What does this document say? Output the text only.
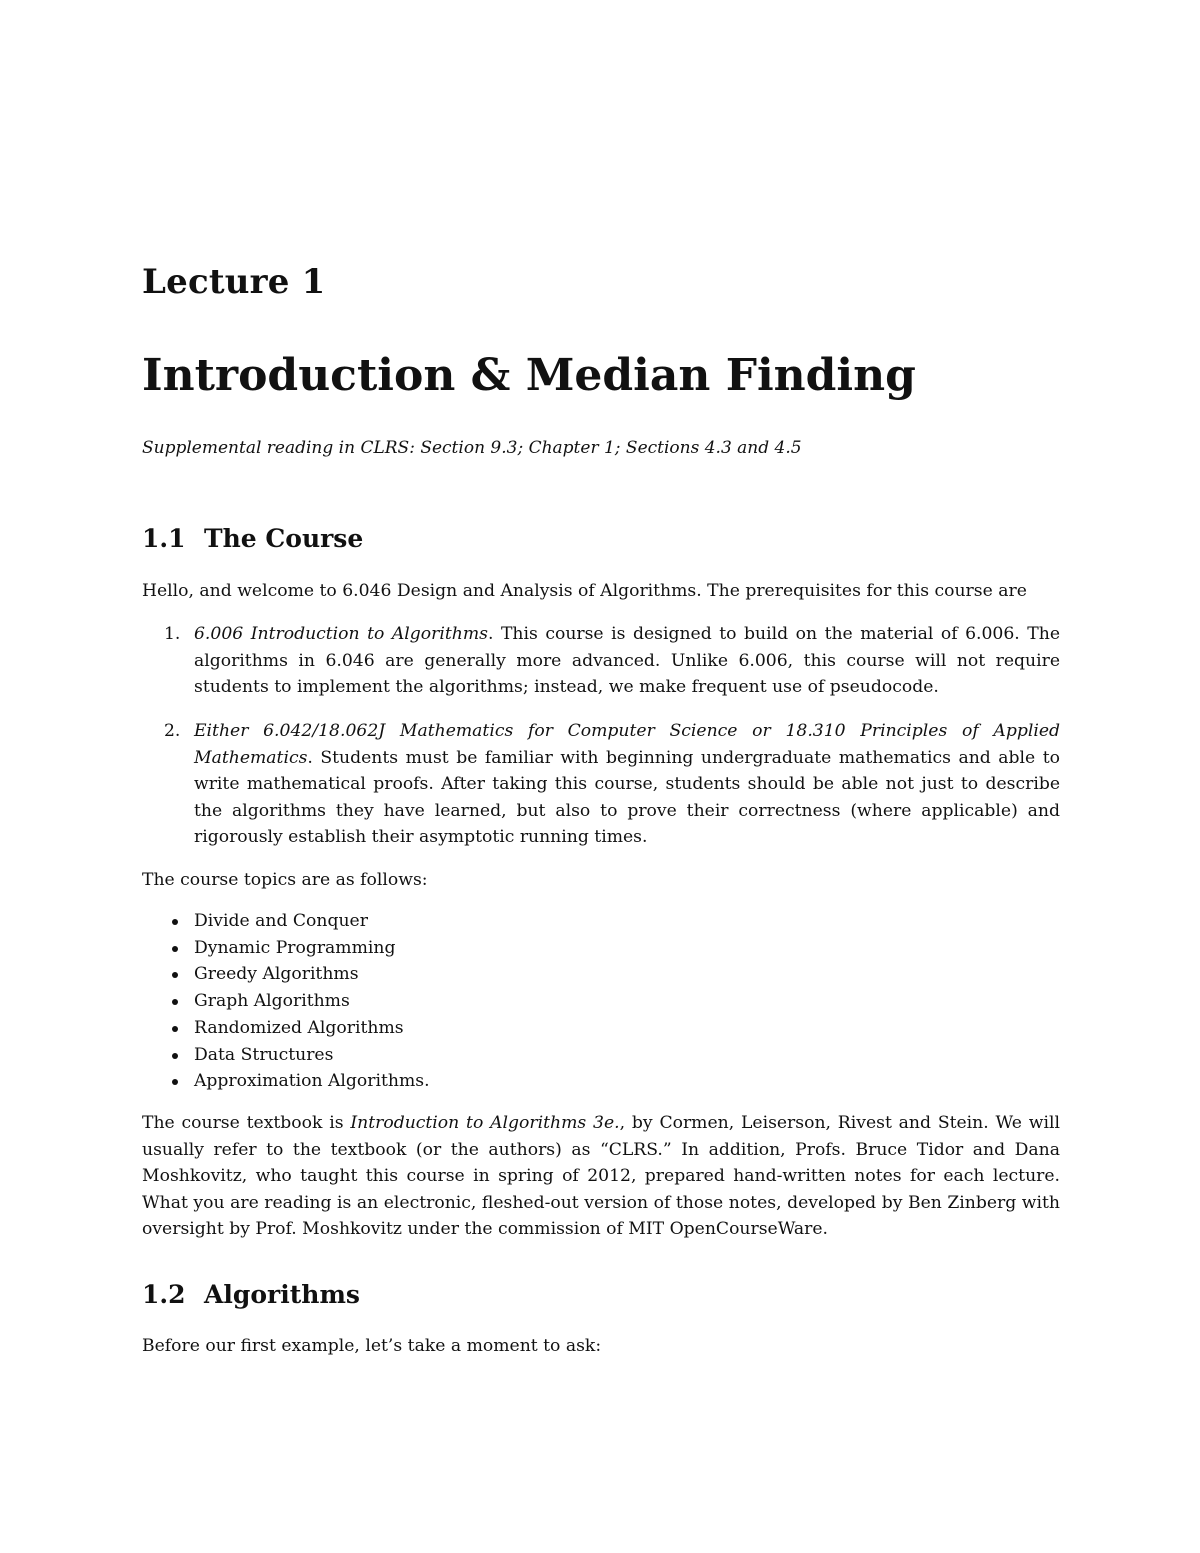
Lecture 1
Introduction & Median Finding
Supplemental reading in CLRS: Section 9.3; Chapter 1; Sections 4.3 and 4.5
1.1 The Course
Hello, and welcome to 6.046 Design and Analysis of Algorithms. The prerequisites for this course are
1. 6.006 Introduction to Algorithms. This course is designed to build on the material of 6.006. The algorithms in 6.046 are generally more advanced. Unlike 6.006, this course will not require students to implement the algorithms; instead, we make frequent use of pseudocode.
2. Either 6.042/18.062J Mathematics for Computer Science or 18.310 Principles of Applied Mathematics. Students must be familiar with beginning undergraduate mathematics and able to write mathematical proofs. After taking this course, students should be able not just to describe the algorithms they have learned, but also to prove their correctness (where applicable) and rigorously establish their asymptotic running times.
The course topics are as follows:
Divide and Conquer
Dynamic Programming
Greedy Algorithms
Graph Algorithms
Randomized Algorithms
Data Structures
Approximation Algorithms.
The course textbook is Introduction to Algorithms 3e., by Cormen, Leiserson, Rivest and Stein. We will usually refer to the textbook (or the authors) as “CLRS.” In addition, Profs. Bruce Tidor and Dana Moshkovitz, who taught this course in spring of 2012, prepared hand-written notes for each lecture. What you are reading is an electronic, fleshed-out version of those notes, developed by Ben Zinberg with oversight by Prof. Moshkovitz under the commission of MIT OpenCourseWare.
1.2 Algorithms
Before our first example, let’s take a moment to ask:
